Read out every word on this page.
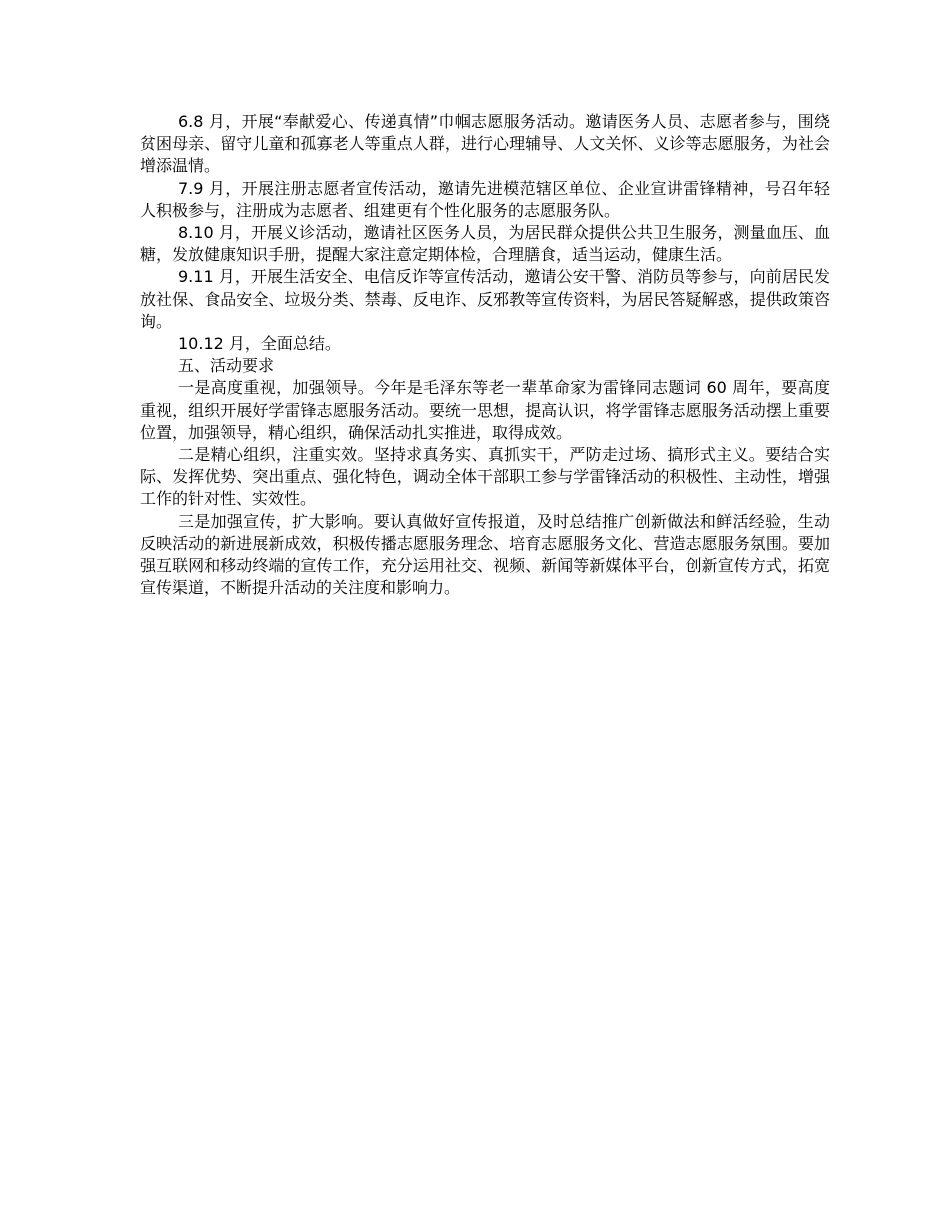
6.8 月，开展“奉献爱心、传递真情”巾帼志愿服务活动。邀请医务人员、志愿者参与，围绕贫困母亲、留守儿童和孤寡老人等重点人群，进行心理辅导、人文关怀、义诊等志愿服务，为社会增添温情。

7.9 月，开展注册志愿者宣传活动，邀请先进模范辖区单位、企业宣讲雷锋精神，号召年轻人积极参与，注册成为志愿者、组建更有个性化服务的志愿服务队。

8.10 月，开展义诊活动，邀请社区医务人员，为居民群众提供公共卫生服务，测量血压、血糖，发放健康知识手册，提醒大家注意定期体检，合理膳食，适当运动，健康生活。

9.11 月，开展生活安全、电信反诈等宣传活动，邀请公安干警、消防员等参与，向前居民发放社保、食品安全、垃圾分类、禁毒、反电诈、反邪教等宣传资料，为居民答疑解惑，提供政策咨询。

10.12 月，全面总结。

五、活动要求

一是高度重视，加强领导。今年是毛泽东等老一辈革命家为雷锋同志题词 60 周年，要高度重视，组织开展好学雷锋志愿服务活动。要统一思想，提高认识，将学雷锋志愿服务活动摆上重要位置，加强领导，精心组织，确保活动扎实推进，取得成效。

二是精心组织，注重实效。坚持求真务实、真抓实干，严防走过场、搞形式主义。要结合实际、发挥优势、突出重点、强化特色，调动全体干部职工参与学雷锋活动的积极性、主动性，增强工作的针对性、实效性。

三是加强宣传，扩大影响。要认真做好宣传报道，及时总结推广创新做法和鲜活经验，生动反映活动的新进展新成效，积极传播志愿服务理念、培育志愿服务文化、营造志愿服务氛围。要加强互联网和移动终端的宣传工作，充分运用社交、视频、新闻等新媒体平台，创新宣传方式，拓宽宣传渠道，不断提升活动的关注度和影响力。
